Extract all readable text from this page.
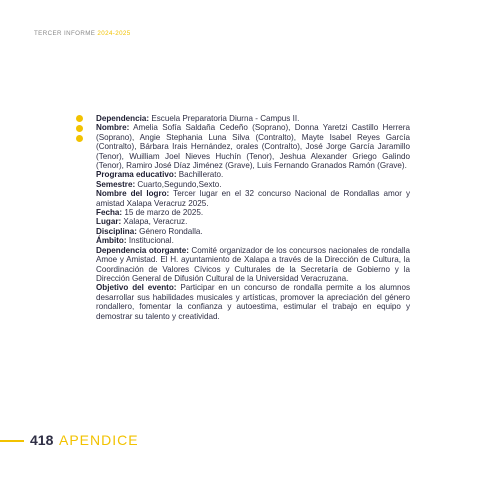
TERCER INFORME 2024-2025

Dependencia: Escuela Preparatoria Diurna - Campus II.

Nombre: Amelia Sofía Saldaña Cedeño (Soprano), Donna Yaretzi Castillo Herrera (Soprano), Angie Stephania Luna Silva (Contralto), Mayte Isabel Reyes García (Contralto), Bárbara Irais Hernández, orales (Contralto), José Jorge García Jaramillo (Tenor), Wuilliam Joel Nieves Huchín (Tenor), Jeshua Alexander Griego Galindo (Tenor), Ramiro José Díaz Jiménez (Grave), Luis Fernando Granados Ramón (Grave).

Programa educativo: Bachillerato.

Semestre: Cuarto,Segundo,Sexto.

Nombre del logro: Tercer lugar en el 32 concurso Nacional de Rondallas amor y amistad Xalapa Veracruz 2025.

Fecha: 15 de marzo de 2025.

Lugar: Xalapa, Veracruz.

Disciplina: Género Rondalla.

Ámbito: Institucional.

Dependencia otorgante: Comité organizador de los concursos nacionales de rondalla Amoe y Amistad. El H. ayuntamiento de Xalapa a través de la Dirección de Cultura, la Coordinación de Valores Cívicos y Culturales de la Secretaría de Gobierno y la Dirección General de Difusión Cultural de la Universidad Veracruzana.

Objetivo del evento: Participar en un concurso de rondalla permite a los alumnos desarrollar sus habilidades musicales y artísticas, promover la apreciación del género rondallero, fomentar la confianza y autoestima, estimular el trabajo en equipo y demostrar su talento y creatividad.

418 APENDICE
